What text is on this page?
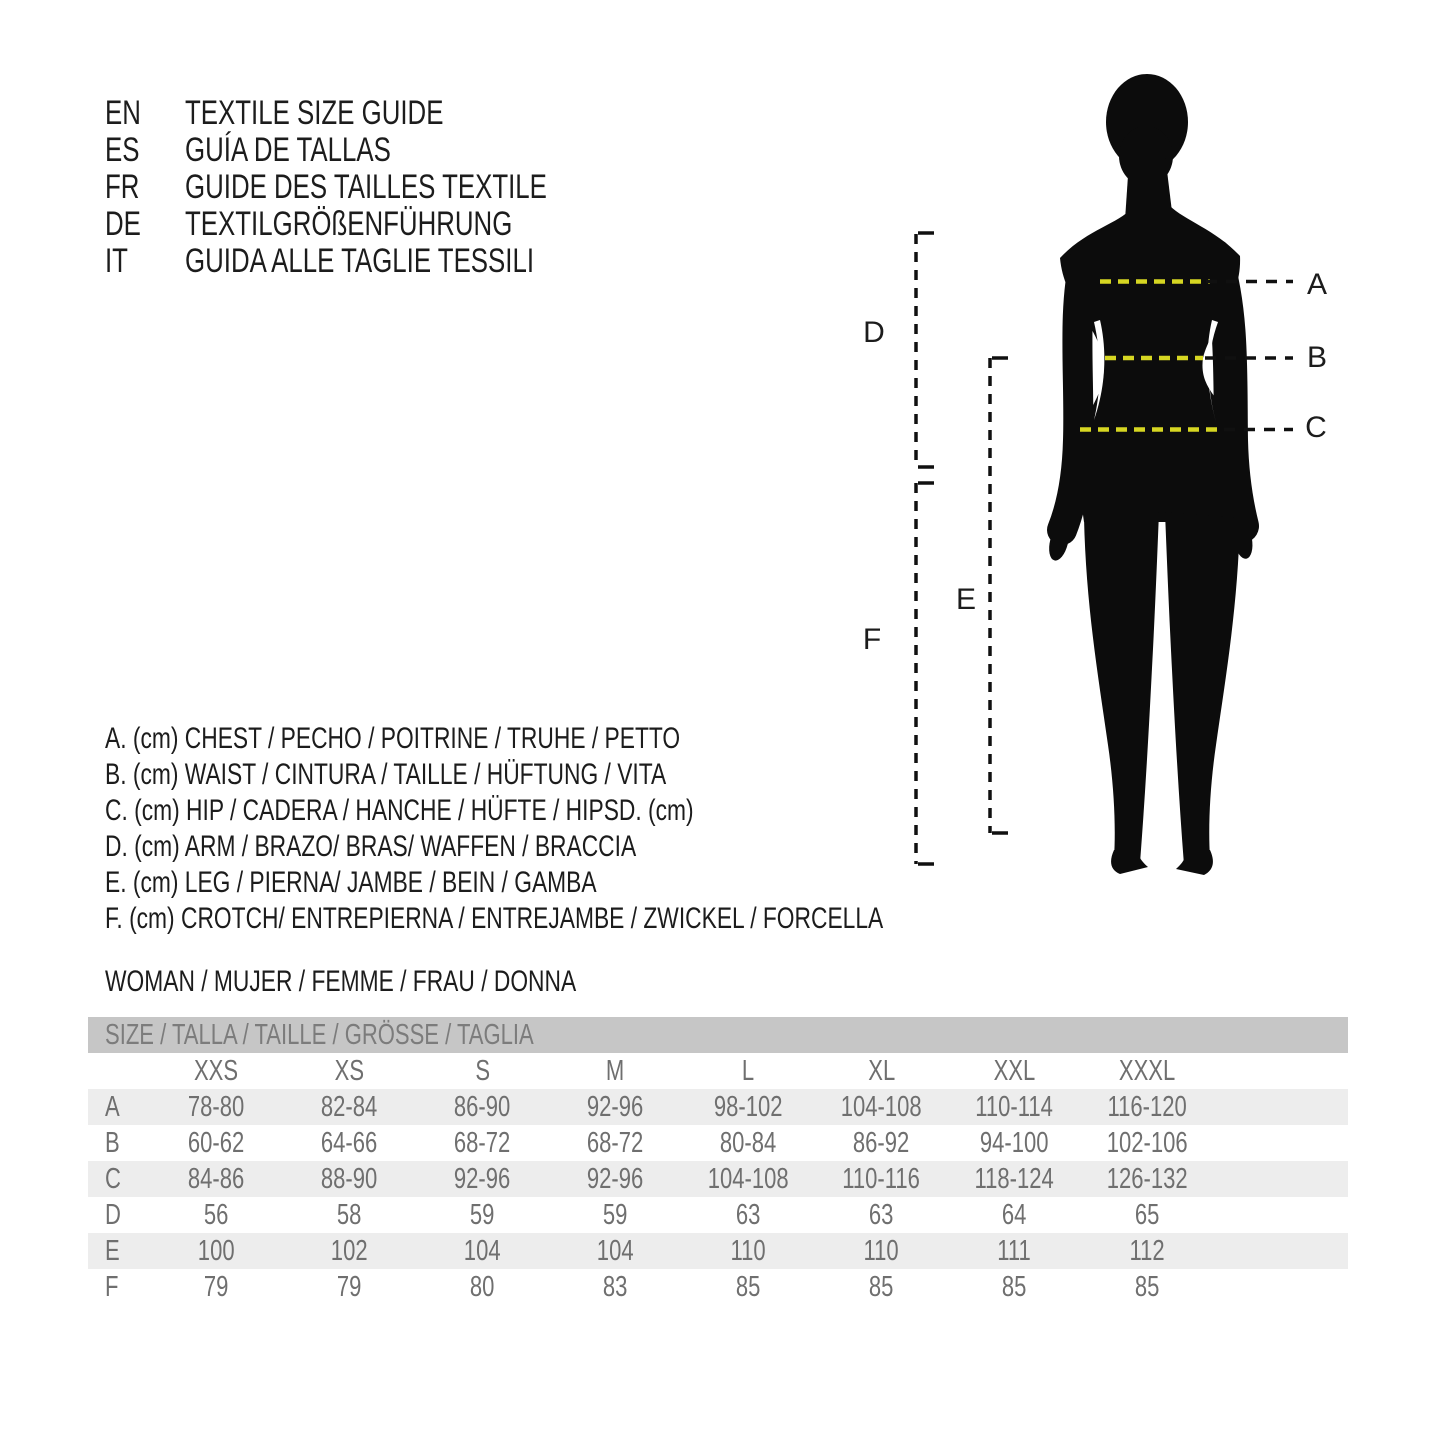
A
B
C
D
E
F
EN	TEXTILE SIZE GUIDE
ES	GUÍA DE TALLAS
FR	GUIDE DES TAILLES TEXTILE
DE	TEXTILGRÖßENFÜHRUNG
IT	GUIDA ALLE TAGLIE TESSILI
A. (cm) CHEST / PECHO / POITRINE / TRUHE / PETTO
B. (cm) WAIST / CINTURA / TAILLE / HÜFTUNG / VITA
C. (cm) HIP / CADERA / HANCHE / HÜFTE / HIPSD. (cm)
D. (cm) ARM / BRAZO/ BRAS/ WAFFEN / BRACCIA
E. (cm) LEG / PIERNA/ JAMBE / BEIN / GAMBA
F. (cm) CROTCH/ ENTREPIERNA / ENTREJAMBE / ZWICKEL / FORCELLA
WOMAN / MUJER / FEMME / FRAU / DONNA
SIZE / TALLA / TAILLE / GRÖSSE / TAGLIA
XXS	XS	S	M	L	XL	XXL	XXXL
A 78-80	82-84	86-90	92-96 98-102 104-108 110-114 116-120
B 60-62	64-66	68-72	68-72	80-84	86-92 94-100 102-106
C 84-86	88-90	92-96	92-96 104-108 110-116 118-124 126-132
D	56	58	59	59	63	63	64	65
E	100	102	104	104	110	110	111	112
F	79	79	80	83	85	85	85	85
